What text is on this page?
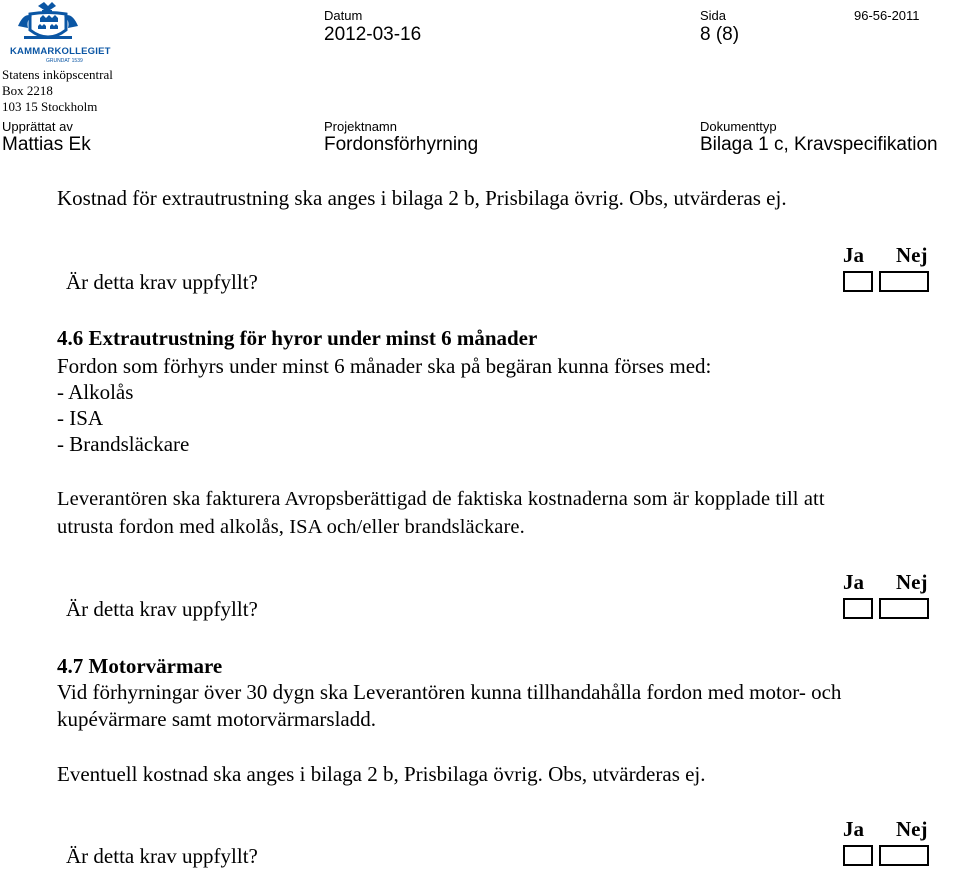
KAMMARKOLLEGIET
GRUNDAT 1539
Statens inköpscentral
Box 2218
103 15 Stockholm
Datum
2012-03-16
Sida
8 (8)
96-56-2011
Upprättat av
Mattias Ek
Projektnamn
Fordonsförhyrning
Dokumenttyp
Bilaga 1 c, Kravspecifikation
Kostnad för extrautrustning ska anges i bilaga 2 b, Prisbilaga övrig. Obs, utvärderas ej.
Ja Nej
Är detta krav uppfyllt?
4.6 Extrautrustning för hyror under minst 6 månader
Fordon som förhyrs under minst 6 månader ska på begäran kunna förses med:
- Alkolås
- ISA
- Brandsläckare
Leverantören ska fakturera Avropsberättigad de faktiska kostnaderna som är kopplade till att
utrusta fordon med alkolås, ISA och/eller brandsläckare.
Ja Nej
Är detta krav uppfyllt?
4.7 Motorvärmare
Vid förhyrningar över 30 dygn ska Leverantören kunna tillhandahålla fordon med motor- och
kupévärmare samt motorvärmarsladd.
Eventuell kostnad ska anges i bilaga 2 b, Prisbilaga övrig. Obs, utvärderas ej.
Ja Nej
Är detta krav uppfyllt?
